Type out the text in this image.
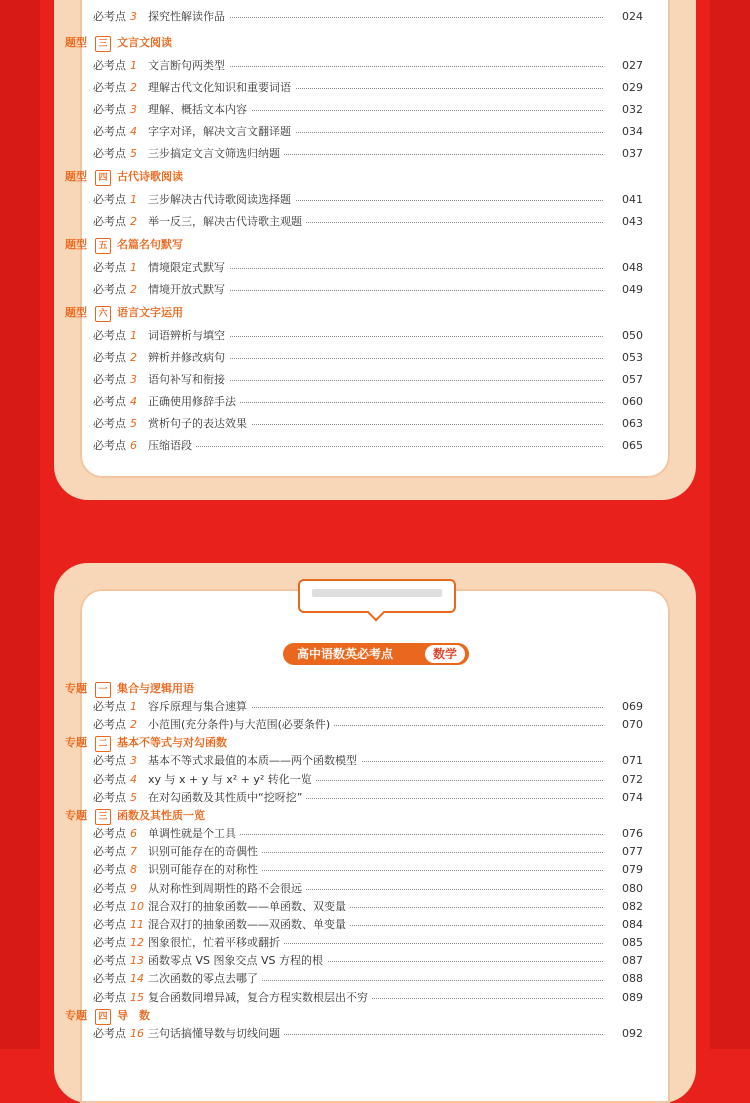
必考点 3 探究性解读作品	024
题型	三 文言文阅读
必考点 1 文言断句两类型	027
必考点 2 理解古代文化知识和重要词语	029
必考点 3 理解、概括文本内容	032
必考点 4 字字对译，解决文言文翻译题	034
必考点 5 三步搞定文言文筛选归纳题	037
题型	四 古代诗歌阅读
必考点 1 三步解决古代诗歌阅读选择题	041
必考点 2 举一反三，解决古代诗歌主观题	043
题型	五 名篇名句默写
必考点 1 情境限定式默写	048
必考点 2 情境开放式默写	049
题型	六 语言文字运用
必考点 1 词语辨析与填空	050
必考点 2 辨析并修改病句	053
必考点 3 语句补写和衔接	057
必考点 4 正确使用修辞手法	060
必考点 5 赏析句子的表达效果	063
必考点 6 压缩语段	065
高中语数英必考点	数学
专题	一 集合与逻辑用语
必考点 1 容斥原理与集合速算	069
必考点 2 小范围(充分条件)与大范围(必要条件)	070
专题	二 基本不等式与对勾函数
必考点 3 基本不等式求最值的本质——两个函数模型	071
必考点 4 xy 与 x + y 与 x² + y² 转化一览	072
必考点 5 在对勾函数及其性质中“挖呀挖”	074
专题	三 函数及其性质一览
必考点 6 单调性就是个工具	076
必考点 7 识别可能存在的奇偶性	077
必考点 8 识别可能存在的对称性	079
必考点 9 从对称性到周期性的路不会很远	080
必考点 10 混合双打的抽象函数——单函数、双变量	082
必考点 11 混合双打的抽象函数——双函数、单变量	084
必考点 12 图象很忙，忙着平移或翻折	085
必考点 13 函数零点 VS 图象交点 VS 方程的根	087
必考点 14 二次函数的零点去哪了	088
必考点 15 复合函数同增异减，复合方程实数根层出不穷	089
专题	四 导　数
必考点 16 三句话搞懂导数与切线问题	092
